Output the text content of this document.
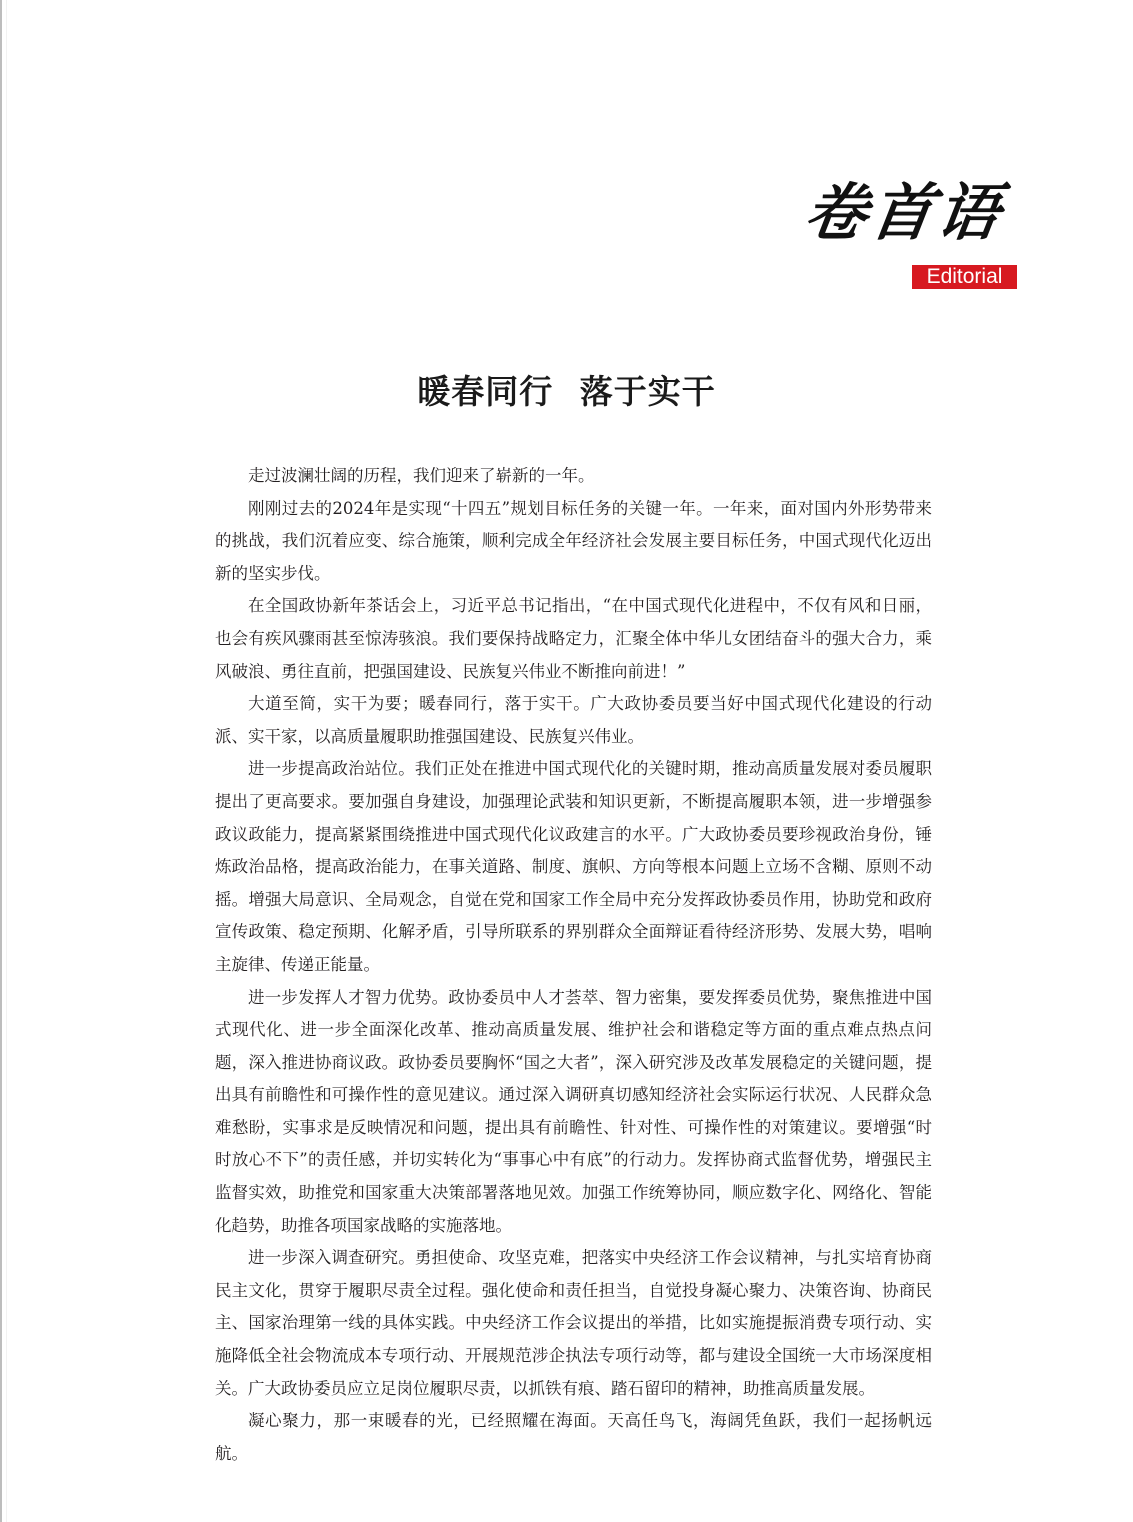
卷首语
Editorial
暖春同行 落于实干

走过波澜壮阔的历程，我们迎来了崭新的一年。

刚刚过去的2024年是实现“十四五”规划目标任务的关键一年。一年来，面对国内外形势带来的挑战，我们沉着应变、综合施策，顺利完成全年经济社会发展主要目标任务，中国式现代化迈出新的坚实步伐。

在全国政协新年茶话会上，习近平总书记指出，“在中国式现代化进程中，不仅有风和日丽，也会有疾风骤雨甚至惊涛骇浪。我们要保持战略定力，汇聚全体中华儿女团结奋斗的强大合力，乘风破浪、勇往直前，把强国建设、民族复兴伟业不断推向前进！”

大道至简，实干为要；暖春同行，落于实干。广大政协委员要当好中国式现代化建设的行动派、实干家，以高质量履职助推强国建设、民族复兴伟业。

进一步提高政治站位。我们正处在推进中国式现代化的关键时期，推动高质量发展对委员履职提出了更高要求。要加强自身建设，加强理论武装和知识更新，不断提高履职本领，进一步增强参政议政能力，提高紧紧围绕推进中国式现代化议政建言的水平。广大政协委员要珍视政治身份，锤炼政治品格，提高政治能力，在事关道路、制度、旗帜、方向等根本问题上立场不含糊、原则不动摇。增强大局意识、全局观念，自觉在党和国家工作全局中充分发挥政协委员作用，协助党和政府宣传政策、稳定预期、化解矛盾，引导所联系的界别群众全面辩证看待经济形势、发展大势，唱响主旋律、传递正能量。

进一步发挥人才智力优势。政协委员中人才荟萃、智力密集，要发挥委员优势，聚焦推进中国式现代化、进一步全面深化改革、推动高质量发展、维护社会和谐稳定等方面的重点难点热点问题，深入推进协商议政。政协委员要胸怀“国之大者”，深入研究涉及改革发展稳定的关键问题，提出具有前瞻性和可操作性的意见建议。通过深入调研真切感知经济社会实际运行状况、人民群众急难愁盼，实事求是反映情况和问题，提出具有前瞻性、针对性、可操作性的对策建议。要增强“时时放心不下”的责任感，并切实转化为“事事心中有底”的行动力。发挥协商式监督优势，增强民主监督实效，助推党和国家重大决策部署落地见效。加强工作统筹协同，顺应数字化、网络化、智能化趋势，助推各项国家战略的实施落地。

进一步深入调查研究。勇担使命、攻坚克难，把落实中央经济工作会议精神，与扎实培育协商民主文化，贯穿于履职尽责全过程。强化使命和责任担当，自觉投身凝心聚力、决策咨询、协商民主、国家治理第一线的具体实践。中央经济工作会议提出的举措，比如实施提振消费专项行动、实施降低全社会物流成本专项行动、开展规范涉企执法专项行动等，都与建设全国统一大市场深度相关。广大政协委员应立足岗位履职尽责，以抓铁有痕、踏石留印的精神，助推高质量发展。

凝心聚力，那一束暖春的光，已经照耀在海面。天高任鸟飞，海阔凭鱼跃，我们一起扬帆远航。
